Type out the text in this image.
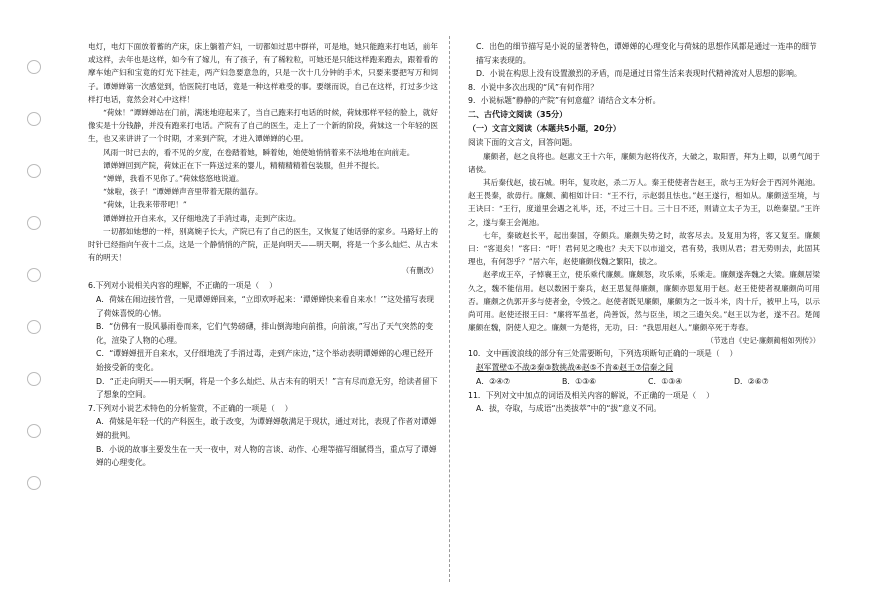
电灯，电灯下面放着蓄的产床，床上躺着产妇，一切都如过思中群祥，可是地，她只能跑来打电话，前年或这样，去年也是这样，如今有了嫁儿，有了孩子，有了稀粒粒，可她还是只能这样跑来跑去，跟着看的摩车她产妇和宝竟的灯光下挂走，两产妇急要意急的，只是一次十几分钟的手术，只要来要把写万和饲子。谭婵婵第一次感觉到，恰医院打电话，竟是一种这样难受的事。要继而说，自己在这样，打过多少这样打电话，竟然会对心中这样！

“荷妹！”谭婵婵站在门前，满迷地迎起来了，当自己跑来打电话的时候，荷妹那样平轻的脸上，就好像实是十分钱静，并没有跑来打电话。产院有了自己的医生，走上了一个新的阶段，荷妹这一个年轻的医生，也又来讲讲了一个时期，才来到产院，才进入谭婵婵的心里。

风雨一时已去的，看不见的夕度，在卷踏着她，瞬着她，她使她悄悄着来不法地地在向前走。

谭婵婵回到产院，荷妹正在下一阵送过来的婴儿，精精精精着包装服，但并不提长。

“婵婵，我看不见你了。”荷妹悠悠地说道。

“妹啦，孩子！”谭婵婵声音里带着无限的温存。

“荷妹，让我来带带吧！”

谭婵婵拉开自来水，又仔细地洗了手消过毒，走到产床边。

一切都如她想的一样，别离婉子长大，产院已有了自己的医生，又恢复了她话驿的家乡。马路好上的时针已经指向午夜十二点，这是一个静悄悄的产院，正是向明天——明天啊，将是一个多么灿烂、从古未有的明天！

（有删改）

6.下列对小说相关内容的理解，不正确的一项是（    ）

A．荷妹在闹边接竹营，一见谭婵婵回来，“立即欢呼起来：‘谭婵婵快来看自来水！’”这处描写表现了荷妹喜悦的心情。

B．“仿佛有一股风暴雨卷而来，它们气势磅礴，排山倒海地向前推，向前滚，”写出了天气突然的变化，渲染了人物的心理。

C．“谭婵婵扭开自来水，又仔细地洗了手消过毒，走到产床边，”这个举动表明谭婵婵的心理已经开始接受新的变化。

D．“正走向明天——明天啊，将是一个多么灿烂、从古未有的明天！”言有尽而意无穷，给读者留下了想象的空间。

7.下列对小说艺术特色的分析鉴赏，不正确的一项是（    ）

A．荷妹是年轻一代的产科医生，敢于改变，为谭婵婵敬满足于现状，通过对比，表现了作者对谭婵婵的批判。

B．小说的故事主要发生在一天一夜中，对人物的言谈、动作、心理等描写细腻得当，重点写了谭婵婵的心理变化。

C．出色的细节描写是小说的显著特色，谭婵婵的心理变化与荷妹的思想作风都是通过一连串的细节描写来表现的。

D．小说在构思上没有设置激烈的矛盾，而是通过日常生活来表现时代精神流对人思想的影响。

8．小说中多次出现的“风”有何作用？

9．小说标题“静静的产院”有何意蕴？请结合文本分析。

二、古代诗文阅读（35分）

（一）文言文阅读（本题共5小题，20分）

阅读下面的文言文，回答问题。

廉颇者，赵之良将也。赵惠文王十六年，廉颇为赵将伐齐，大破之，取阳晋，拜为上卿，以勇气闻于诸侯。

其后秦伐赵，拔石城。明年，复攻赵，杀二万人。秦王使使者告赵王，欲与王为好会于西河外渑池。赵王畏秦，欲毋行。廉颇、蔺相如计曰：“王不行，示赵弱且怯也。”赵王遂行，相如从。廉颇送至境，与王诀曰：“王行，度道里会遇之礼毕，还，不过三十日。三十日不还，则请立太子为王，以绝秦望。”王许之，遂与秦王会渑池。

七年，秦破赵长平，起出秦国，夺颇兵。廉颇失势之时，故客尽去。及复用为将，客又复至。廉颇曰：“客退矣！”客曰：“吁！君何见之晚也？夫天下以市道交，君有势，我则从君；君无势则去，此固其理也，有何怨乎？”居六年，赵使廉颇伐魏之繁阳，拔之。

赵孝成王卒，子悼襄王立，使乐乘代廉颇。廉颇怒，攻乐乘，乐乘走。廉颇遂奔魏之大梁。廉颇居梁久之，魏不能信用。赵以数困于秦兵，赵王思复得廉颇，廉颇亦思复用于赵。赵王使使者视廉颇尚可用否。廉颇之仇郭开多与使者金，令毁之。赵使者既见廉颇，廉颇为之一饭斗米，肉十斤，被甲上马，以示尚可用。赵使还报王曰：“廉将军虽老，尚善饭，然与臣坐，顷之三遗矢矣。”赵王以为老，遂不召。楚闻廉颇在魏，阴使人迎之。廉颇一为楚将，无功，曰：“我思用赵人。”廉颇卒死于寿春。

（节选自《史记·廉颇蔺相如列传》）

10．文中画波浪线的部分有三处需要断句，下列选项断句正确的一项是（    ）

赵军置壁①不战②秦③数挑战④赵⑤不肯⑥赵王⑦信秦之间

A．②④⑦	B．①③⑥	C．①③④	D．②⑥⑦

11．下列对文中加点的词语及相关内容的解说，不正确的一项是（    ）

A．拔，夺取，与成语“出类拔萃”中的“拔”意义不同。
